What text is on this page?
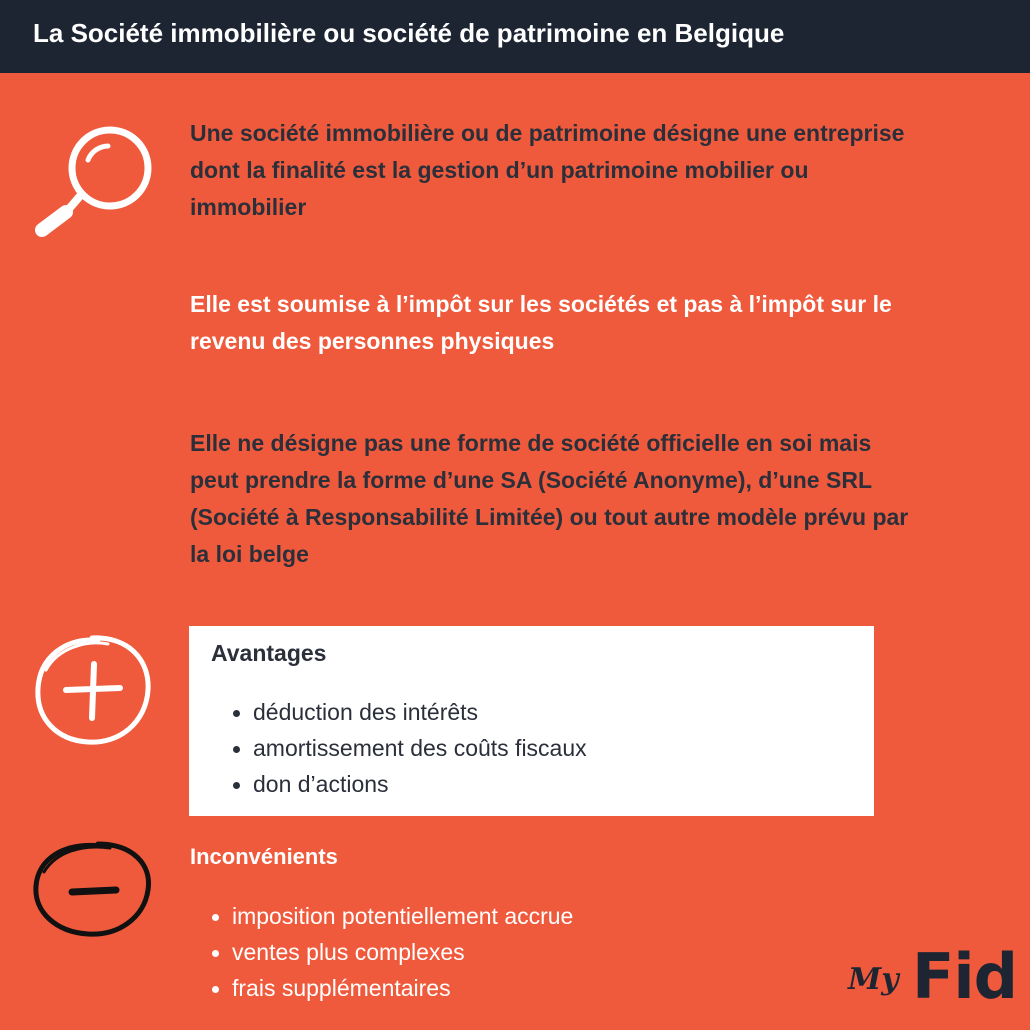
La Société immobilière ou société de patrimoine en Belgique
Une société immobilière ou de patrimoine désigne une entreprise dont la finalité est la gestion d’un patrimoine mobilier ou immobilier
Elle est soumise à l’impôt sur les sociétés et pas à l’impôt sur le revenu des personnes physiques
Elle ne désigne pas une forme de société officielle en soi mais peut prendre la forme d’une SA (Société Anonyme), d’une SRL (Société à Responsabilité Limitée) ou tout autre modèle prévu par la loi belge
Avantages
déduction des intérêts
amortissement des coûts fiscaux
don d’actions
Inconvénients
imposition potentiellement accrue
ventes plus complexes
frais supplémentaires	My Fid
